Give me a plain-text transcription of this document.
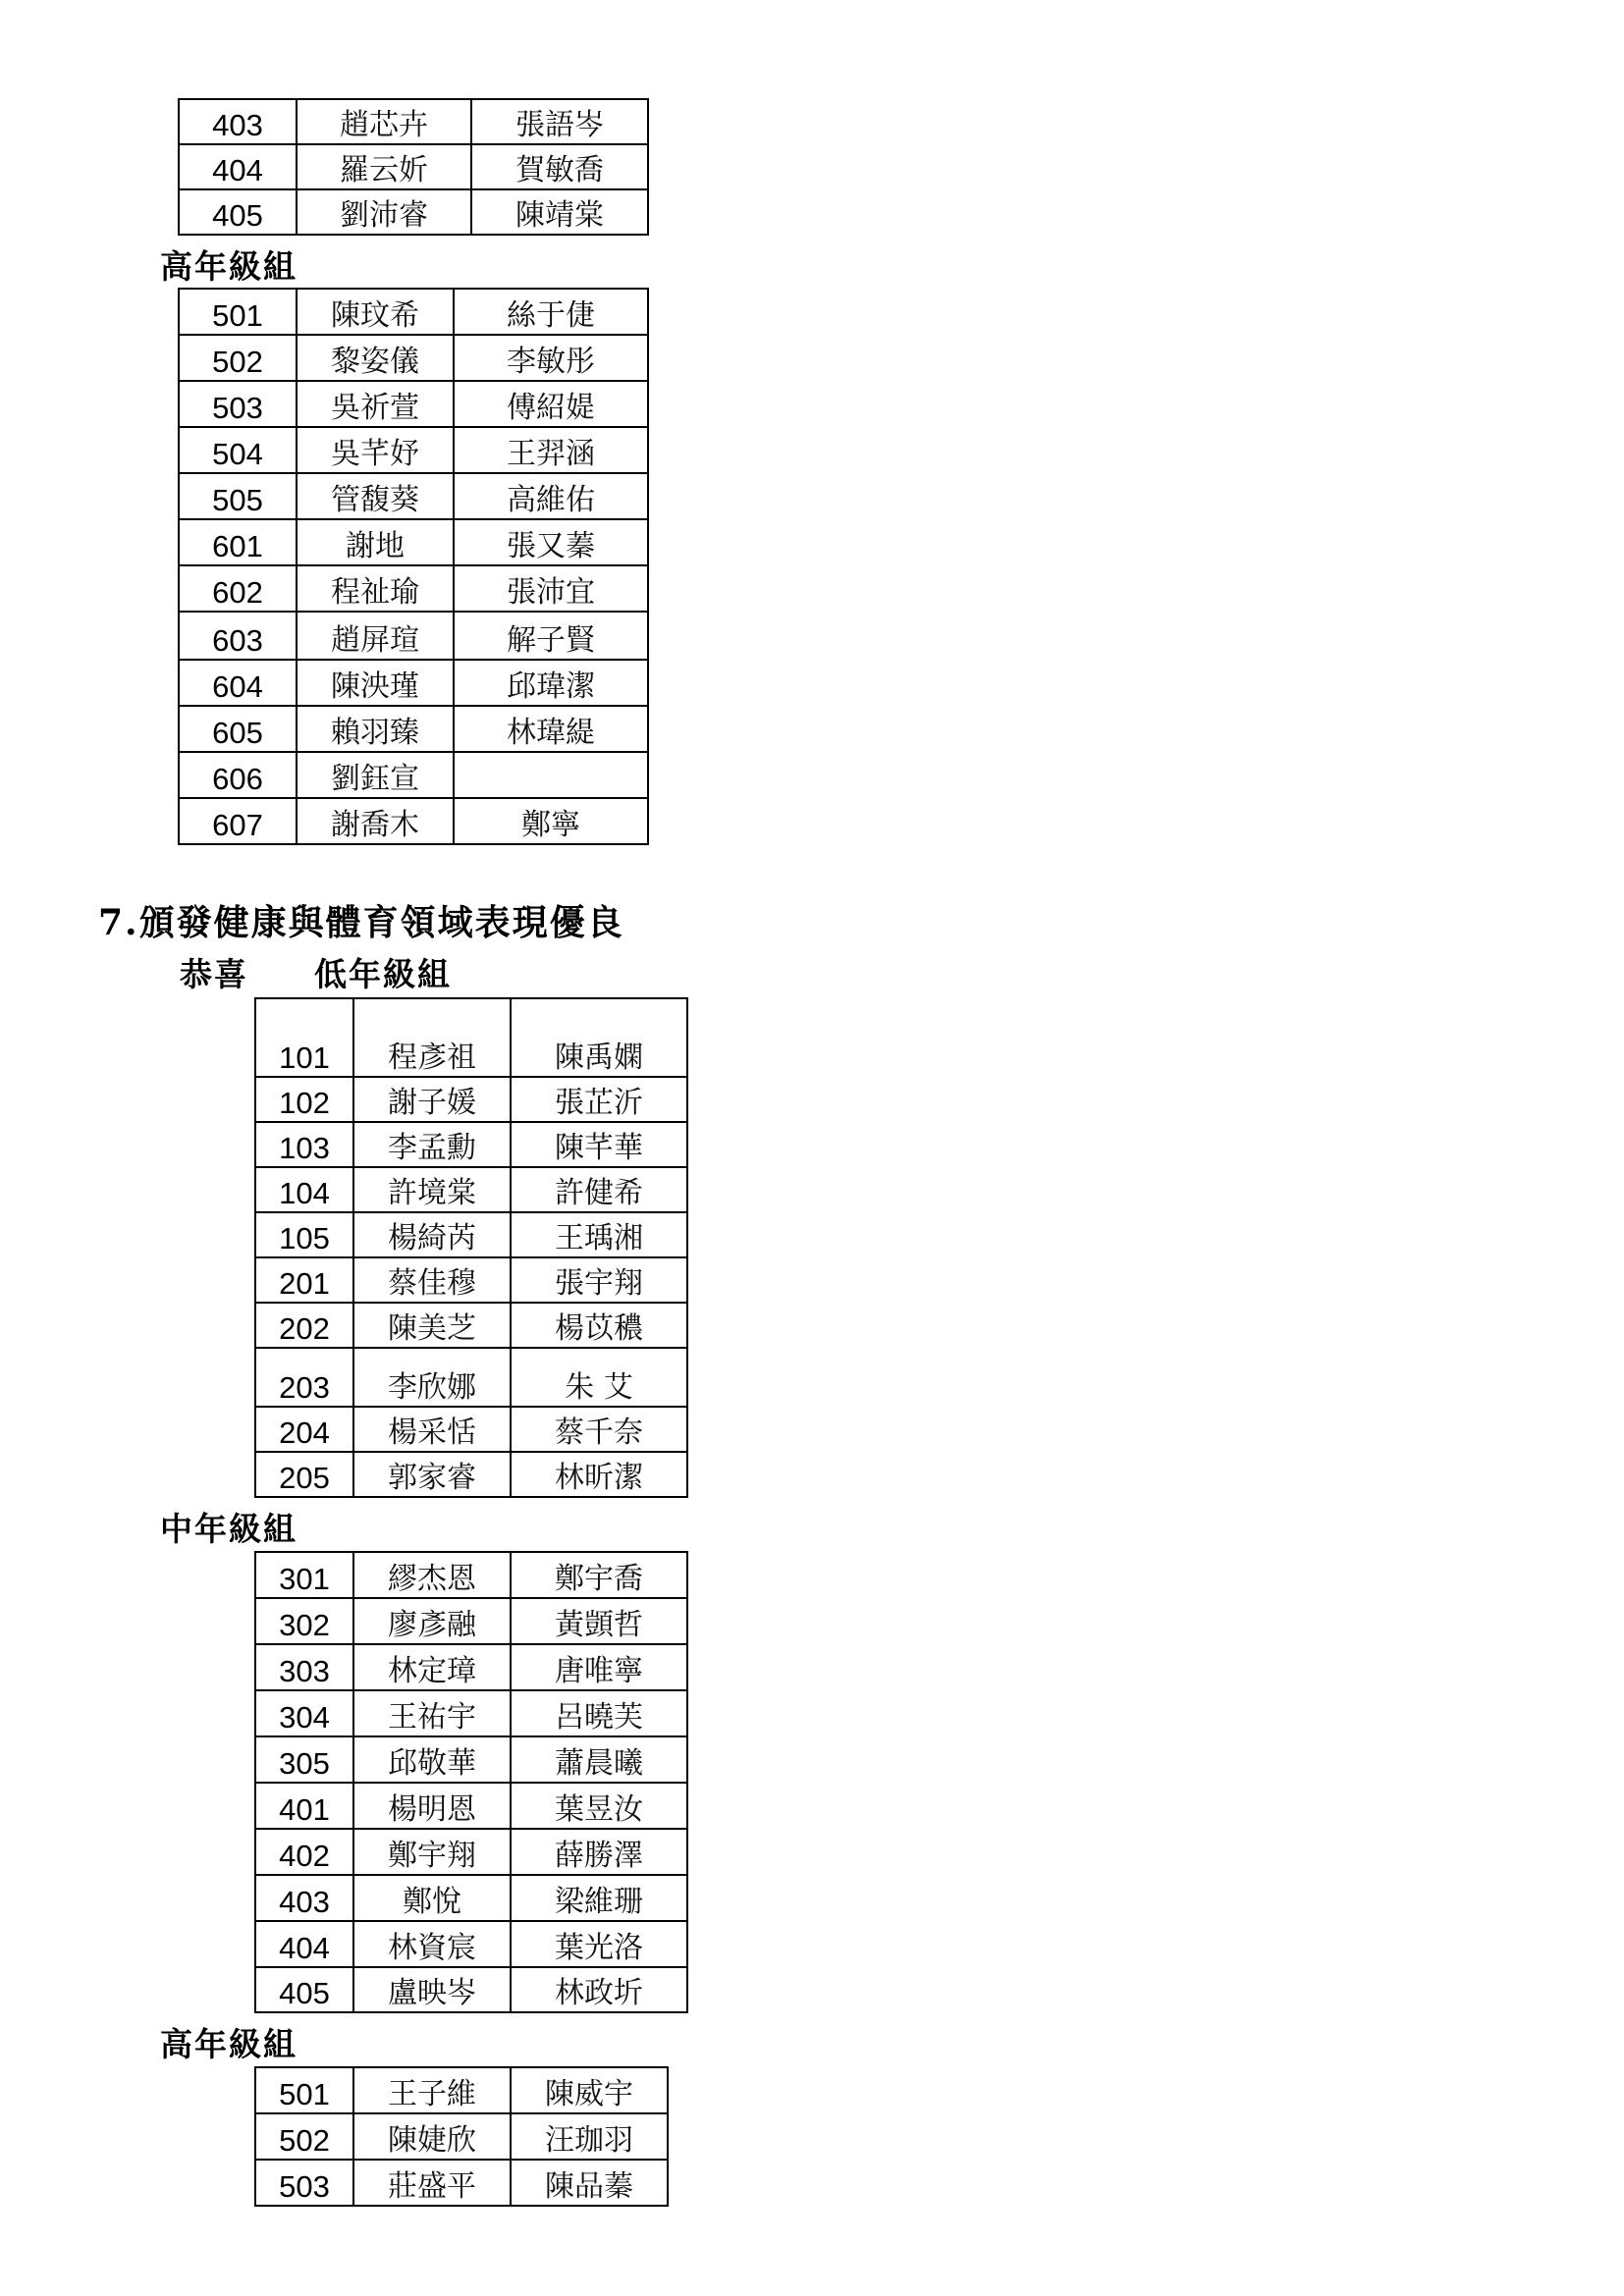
403	趙芯卉	張語岑
404	羅云妡	賀敏喬
405	劉沛睿	陳靖棠
高年級組
501	陳玟希	絲于倢
502	黎姿儀	李敏彤
503	吳祈萱	傅紹媞
504	吳芊妤	王羿涵
505	管馥葵	高維佑
601	謝地	張又蓁
602	程祉瑜	張沛宜
603	趙屏瑄	解子賢
604	陳泱瑾	邱瑋潔
605	賴羽臻	林瑋緹
606	劉鈺宣	
607	謝喬木	鄭寧
7.頒發健康與體育領域表現優良
恭喜 低年級組
101	程彥祖	陳禹嫻
102	謝子媛	張芷沂
103	李孟勳	陳芊華
104	許境棠	許健希
105	楊綺芮	王瑀湘
201	蔡佳穆	張宇翔
202	陳美芝	楊苡穠
203	李欣娜	朱 艾
204	楊采恬	蔡千奈
205	郭家睿	林昕潔
中年級組
301	繆杰恩	鄭宇喬
302	廖彥融	黃顗哲
303	林定璋	唐唯寧
304	王祐宇	呂曉芙
305	邱敬華	蕭晨曦
401	楊明恩	葉昱汝
402	鄭宇翔	薛勝澤
403	鄭悅	梁維珊
404	林資宸	葉光洛
405	盧映岑	林政圻
高年級組
501	王子維	陳威宇
502	陳婕欣	汪珈羽
503	莊盛平	陳品蓁
